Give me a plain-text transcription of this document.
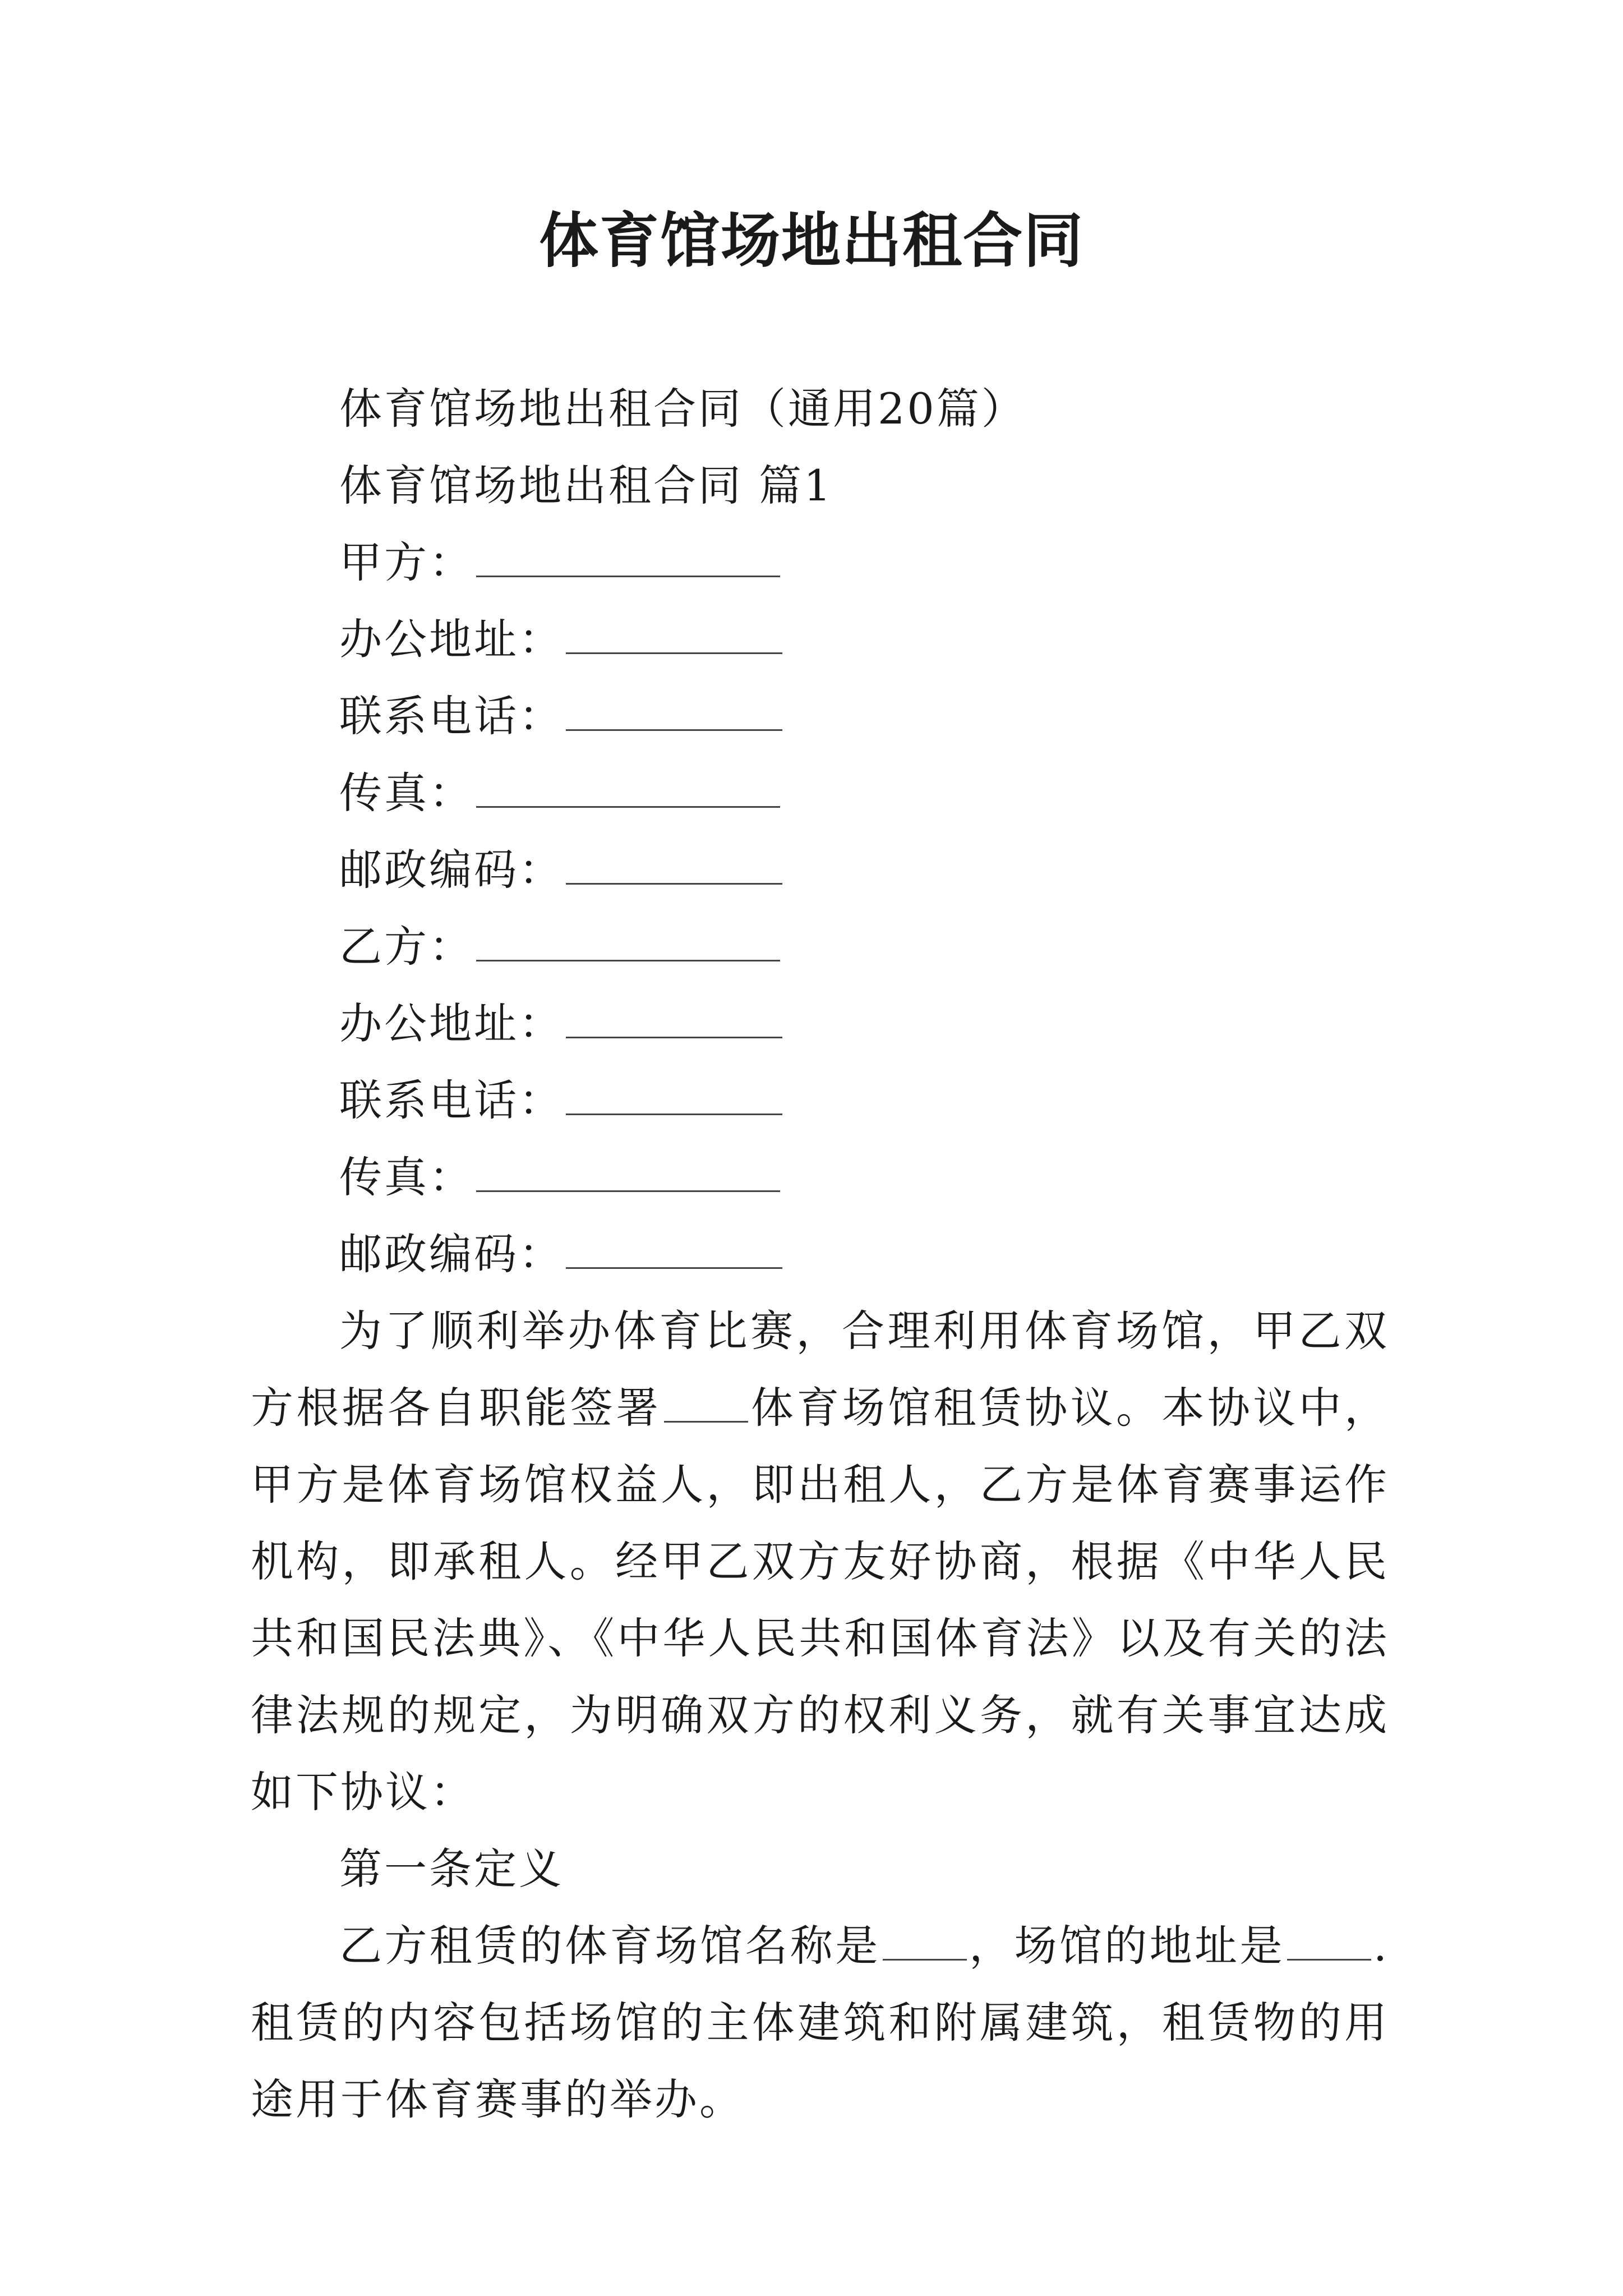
体育馆场地出租合同

体育馆场地出租合同（通用20篇）

体育馆场地出租合同 篇1

甲方：

办公地址：

联系电话：

传真：

邮政编码：

乙方：

办公地址：

联系电话：

传真：

邮政编码：

为了顺利举办体育比赛，合理利用体育场馆，甲乙双方根据各自职能签署 体育场馆租赁协议。本协议中，甲方是体育场馆权益人，即出租人，乙方是体育赛事运作机构，即承租人。经甲乙双方友好协商，根据《中华人民共和国民法典》、《中华人民共和国体育法》以及有关的法律法规的规定，为明确双方的权利义务，就有关事宜达成如下协议：

第一条定义

乙方租赁的体育场馆名称是 ，场馆的地址是 .租赁的内容包括场馆的主体建筑和附属建筑，租赁物的用途用于体育赛事的举办。
